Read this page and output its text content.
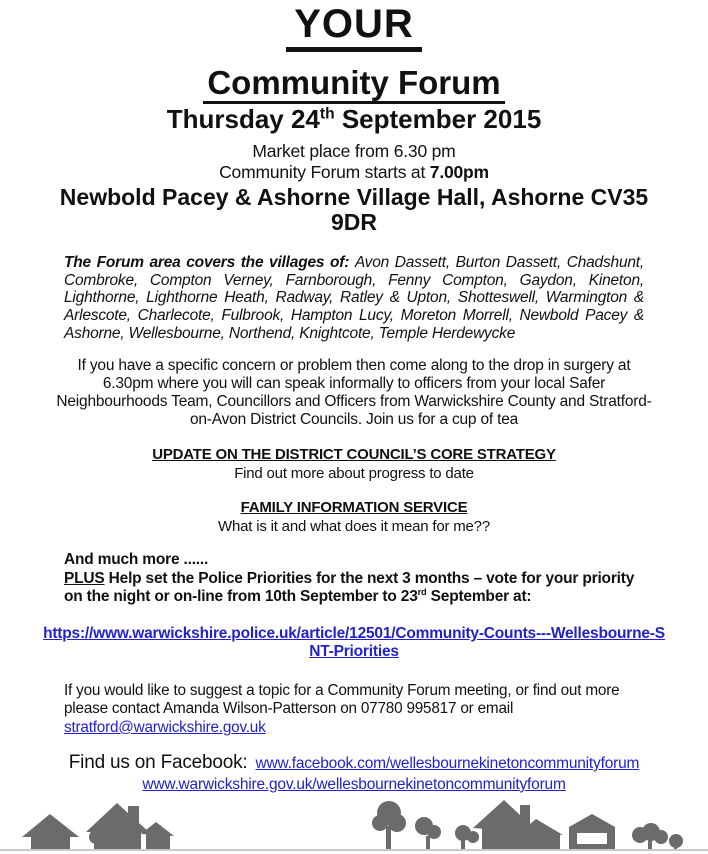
YOUR
Community Forum
Thursday 24th September 2015
Market place from 6.30 pm
Community Forum starts at 7.00pm
Newbold Pacey & Ashorne Village Hall, Ashorne CV35 9DR

The Forum area covers the villages of: Avon Dassett, Burton Dassett, Chadshunt, Combroke, Compton Verney, Farnborough, Fenny Compton, Gaydon, Kineton, Lighthorne, Lighthorne Heath, Radway, Ratley & Upton, Shotteswell, Warmington & Arlescote, Charlecote, Fulbrook, Hampton Lucy, Moreton Morrell, Newbold Pacey & Ashorne, Wellesbourne, Northend, Knightcote, Temple Herdewycke

If you have a specific concern or problem then come along to the drop in surgery at 6.30pm where you will can speak informally to officers from your local Safer Neighbourhoods Team, Councillors and Officers from Warwickshire County and Stratford-on-Avon District Councils. Join us for a cup of tea

UPDATE ON THE DISTRICT COUNCIL’S CORE STRATEGY
Find out more about progress to date
FAMILY INFORMATION SERVICE
What is it and what does it mean for me??
And much more ......

PLUS Help set the Police Priorities for the next 3 months – vote for your priority on the night or on-line from 10th September to 23rd September at:

https://www.warwickshire.police.uk/article/12501/Community-Counts---Wellesbourne-SNT-Priorities

If you would like to suggest a topic for a Community Forum meeting, or find out more please contact Amanda Wilson-Patterson on 07780 995817 or email stratford@warwickshire.gov.uk

Find us on Facebook: www.facebook.com/wellesbournekinetoncommunityforum
www.warwickshire.gov.uk/wellesbournekinetoncommunityforum
